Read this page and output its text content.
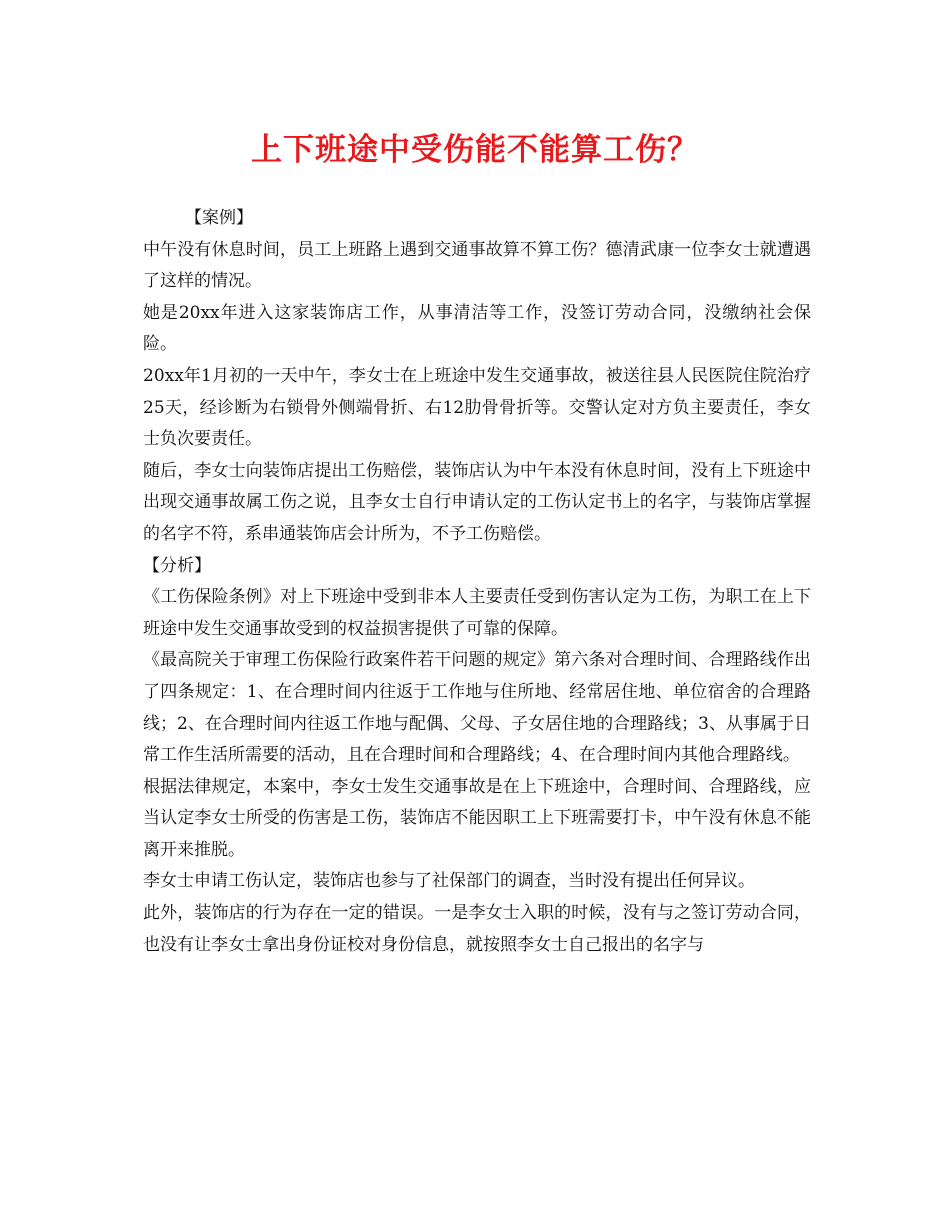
上下班途中受伤能不能算工伤？

【案例】

中午没有休息时间，员工上班路上遇到交通事故算不算工伤？德清武康一位李女士就遭遇了这样的情况。

她是20xx年进入这家装饰店工作，从事清洁等工作，没签订劳动合同，没缴纳社会保险。

20xx年1月初的一天中午，李女士在上班途中发生交通事故，被送往县人民医院住院治疗25天，经诊断为右锁骨外侧端骨折、右12肋骨骨折等。交警认定对方负主要责任，李女士负次要责任。

随后，李女士向装饰店提出工伤赔偿，装饰店认为中午本没有休息时间，没有上下班途中出现交通事故属工伤之说，且李女士自行申请认定的工伤认定书上的名字，与装饰店掌握的名字不符，系串通装饰店会计所为，不予工伤赔偿。

【分析】

《工伤保险条例》对上下班途中受到非本人主要责任受到伤害认定为工伤，为职工在上下班途中发生交通事故受到的权益损害提供了可靠的保障。

《最高院关于审理工伤保险行政案件若干问题的规定》第六条对合理时间、合理路线作出了四条规定：1、在合理时间内往返于工作地与住所地、经常居住地、单位宿舍的合理路线；2、在合理时间内往返工作地与配偶、父母、子女居住地的合理路线；3、从事属于日常工作生活所需要的活动，且在合理时间和合理路线；4、在合理时间内其他合理路线。

根据法律规定，本案中，李女士发生交通事故是在上下班途中，合理时间、合理路线，应当认定李女士所受的伤害是工伤，装饰店不能因职工上下班需要打卡，中午没有休息不能离开来推脱。

李女士申请工伤认定，装饰店也参与了社保部门的调查，当时没有提出任何异议。

此外，装饰店的行为存在一定的错误。一是李女士入职的时候，没有与之签订劳动合同，也没有让李女士拿出身份证校对身份信息，就按照李女士自己报出的名字与
